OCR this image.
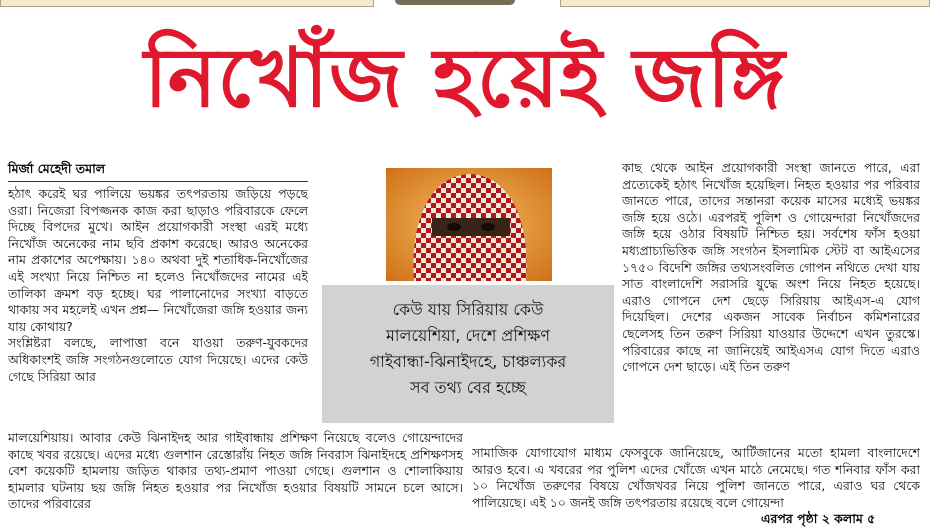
নিখোঁজ হয়েই জঙ্গি
মির্জা মেহেদী তমাল

হঠাৎ করেই ঘর পালিয়ে ভয়ঙ্কর তৎপরতায় জড়িয়ে পড়ছে ওরা। নিজেরা বিপজ্জনক কাজ করা ছাড়াও পরিবারকে ফেলে দিচ্ছে বিপদের মুখে। আইন প্রয়োগকারী সংস্থা এরই মধ্যে নিখোঁজ অনেকের নাম ছবি প্রকাশ করেছে। আরও অনেকের নাম প্রকাশের অপেক্ষায়। ১৪০ অথবা দুই শতাধিক-নিখোঁজের এই সংখ্যা নিয়ে নিশ্চিত না হলেও নিখোঁজদের নামের এই তালিকা ক্রমশ বড় হচ্ছে। ঘর পালানোদের সংখ্যা বাড়তে থাকায় সব মহলেই এখন প্রশ্ন— নিখোঁজেরা জঙ্গি হওয়ার জন্য যায় কোথায়?

সংশ্লিষ্টরা বলছে, লাপাত্তা বনে যাওয়া তরুণ-যুবকদের অধিকাংশই জঙ্গি সংগঠনগুলোতে যোগ দিয়েছে। এদের কেউ গেছে সিরিয়া আর

কেউ যায় সিরিয়ায় কেউ
মালয়েশিয়া, দেশে প্রশিক্ষণ
গাইবান্ধা-ঝিনাইদহে, চাঞ্চল্যকর
সব তথ্য বের হচ্ছে
মালয়েশিয়ায়। আবার কেউ ঝিনাইদহ আর গাইবান্ধায় প্রশিক্ষণ নিয়েছে বলেও গোয়েন্দাদের কাছে খবর রয়েছে। এদের মধ্যে গুলশান রেস্তোরাঁয় নিহত জঙ্গি নিবরাস ঝিনাইদহে প্রশিক্ষণসহ বেশ কয়েকটি হামলায় জড়িত থাকার তথ্য-প্রমাণ পাওয়া গেছে। গুলশান ও শোলাকিয়ায় হামলার ঘটনায় ছয় জঙ্গি নিহত হওয়ার পর নিখোঁজ হওয়ার বিষয়টি সামনে চলে আসে। তাদের পরিবারের
কাছ থেকে আইন প্রয়োগকারী সংস্থা জানতে পারে, এরা প্রত্যেকেই হঠাৎ নিখোঁজ হয়েছিল। নিহত হওয়ার পর পরিবার জানতে পারে, তাদের সন্তানরা কয়েক মাসের মধ্যেই ভয়ঙ্কর জঙ্গি হয়ে ওঠে। এরপরই পুলিশ ও গোয়েন্দারা নিখোঁজদের জঙ্গি হয়ে ওঠার বিষয়টি নিশ্চিত হয়। সর্বশেষ ফাঁস হওয়া মধ্যপ্রাচ্যভিত্তিক জঙ্গি সংগঠন ইসলামিক স্টেট বা আইএসের ১৭৫০ বিদেশি জঙ্গির তথ্যসংবলিত গোপন নথিতে দেখা যায় সাত বাংলাদেশি সরাসরি যুদ্ধে অংশ নিয়ে নিহত হয়েছে। এরাও গোপনে দেশ ছেড়ে সিরিয়ায় আইএস-এ যোগ দিয়েছিল। দেশের একজন সাবেক নির্বাচন কমিশনারের ছেলেসহ তিন তরুণ সিরিয়া যাওয়ার উদ্দেশে এখন তুরস্কে। পরিবারের কাছে না জানিয়েই আইএসএ যোগ দিতে এরাও গোপনে দেশ ছাড়ে। এই তিন তরুণ
সামাজিক যোগাযোগ মাধ্যম ফেসবুকে জানিয়েছে, আর্টিজানের মতো হামলা বাংলাদেশে আরও হবে। এ খবরের পর পুলিশ এদের খোঁজে এখন মাঠে নেমেছে। গত শনিবার ফাঁস করা ১০ নিখোঁজ তরুণের বিষয়ে খোঁজখবর নিয়ে পুলিশ জানতে পারে, এরাও ঘর থেকে পালিয়েছে। এই ১০ জনই জঙ্গি তৎপরতায় রয়েছে বলে গোয়েন্দা
এরপর পৃষ্ঠা ২ কলাম ৫
